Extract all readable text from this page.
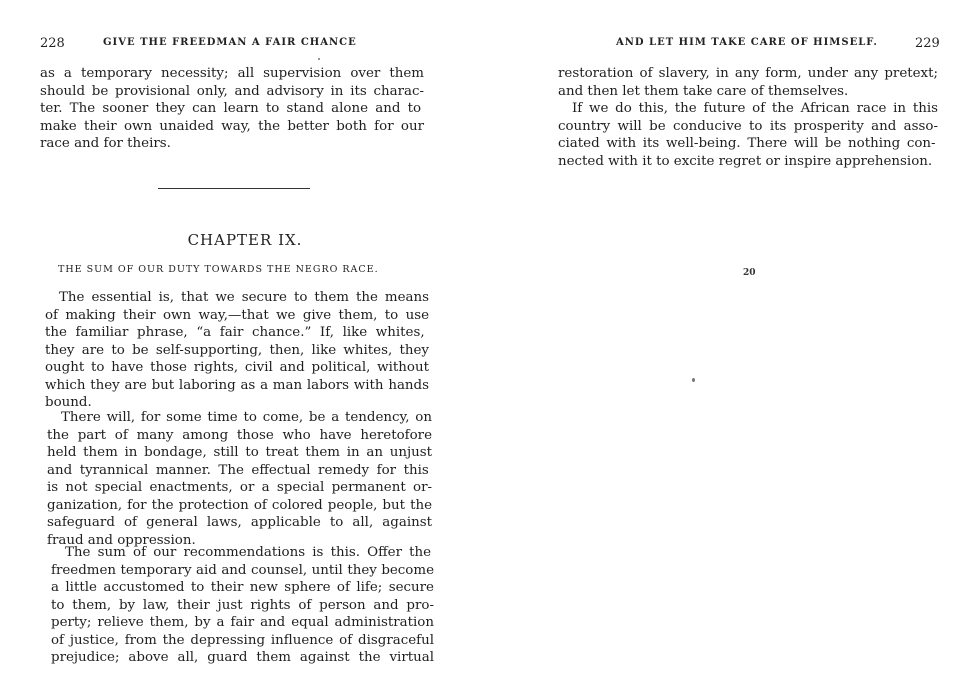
228	GIVE THE FREEDMAN A FAIR CHANCE
as a temporary necessity; all supervision over them
should be provisional only, and advisory in its charac-
ter. The sooner they can learn to stand alone and to
make their own unaided way, the better both for our
race and for theirs.
CHAPTER IX.
THE SUM OF OUR DUTY TOWARDS THE NEGRO RACE.
The essential is, that we secure to them the means
of making their own way,—that we give them, to use
the familiar phrase, “a fair chance.” If, like whites,
they are to be self-supporting, then, like whites, they
ought to have those rights, civil and political, without
which they are but laboring as a man labors with hands
bound.
There will, for some time to come, be a tendency, on
the part of many among those who have heretofore
held them in bondage, still to treat them in an unjust
and tyrannical manner. The effectual remedy for this
is not special enactments, or a special permanent or-
ganization, for the protection of colored people, but the
safeguard of general laws, applicable to all, against
fraud and oppression.
The sum of our recommendations is this. Offer the
freedmen temporary aid and counsel, until they become
a little accustomed to their new sphere of life; secure
to them, by law, their just rights of person and pro-
perty; relieve them, by a fair and equal administration
of justice, from the depressing influence of disgraceful
prejudice; above all, guard them against the virtual
AND LET HIM TAKE CARE OF HIMSELF.	229
restoration of slavery, in any form, under any pretext;
and then let them take care of themselves.
If we do this, the future of the African race in this
country will be conducive to its prosperity and asso-
ciated with its well-being. There will be nothing con-
nected with it to excite regret or inspire apprehension.
20
